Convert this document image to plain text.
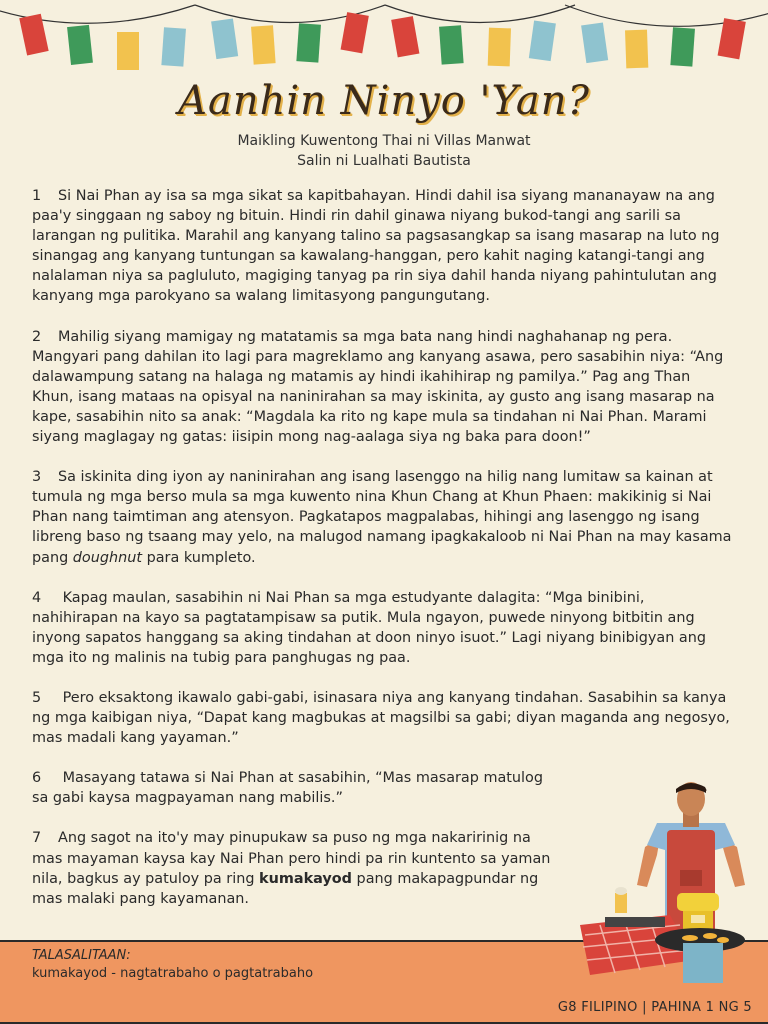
Aanhin Ninyo 'Yan?
Maikling Kuwentong Thai ni Villas Manwat
Salin ni Lualhati Bautista

1 Si Nai Phan ay isa sa mga sikat sa kapitbahayan. Hindi dahil isa siyang mananayaw na ang paa'y singgaan ng saboy ng bituin. Hindi rin dahil ginawa niyang bukod-tangi ang sarili sa larangan ng pulitika. Marahil ang kanyang talino sa pagsasangkap sa isang masarap na luto ng sinangag ang kanyang tuntungan sa kawalang-hanggan, pero kahit naging katangi-tangi ang nalalaman niya sa pagluluto, magiging tanyag pa rin siya dahil handa niyang pahintulutan ang kanyang mga parokyano sa walang limitasyong pangungutang.

2 Mahilig siyang mamigay ng matatamis sa mga bata nang hindi naghahanap ng pera. Mangyari pang dahilan ito lagi para magreklamo ang kanyang asawa, pero sasabihin niya: “Ang dalawampung satang na halaga ng matamis ay hindi ikahihirap ng pamilya.” Pag ang Than Khun, isang mataas na opisyal na naninirahan sa may iskinita, ay gusto ang isang masarap na kape, sasabihin nito sa anak: “Magdala ka rito ng kape mula sa tindahan ni Nai Phan. Marami siyang maglagay ng gatas: iisipin mong nag-aalaga siya ng baka para doon!”

3 Sa iskinita ding iyon ay naninirahan ang isang lasenggo na hilig nang lumitaw sa kainan at tumula ng mga berso mula sa mga kuwento nina Khun Chang at Khun Phaen: makikinig si Nai Phan nang taimtiman ang atensyon. Pagkatapos magpalabas, hihingi ang lasenggo ng isang libreng baso ng tsaang may yelo, na malugod namang ipagkakaloob ni Nai Phan na may kasama pang doughnut para kumpleto.

4 Kapag maulan, sasabihin ni Nai Phan sa mga estudyante dalagita: “Mga binibini, nahihirapan na kayo sa pagtatampisaw sa putik. Mula ngayon, puwede ninyong bitbitin ang inyong sapatos hanggang sa aking tindahan at doon ninyo isuot.” Lagi niyang binibigyan ang mga ito ng malinis na tubig para panghugas ng paa.

5 Pero eksaktong ikawalo gabi-gabi, isinasara niya ang kanyang tindahan. Sasabihin sa kanya ng mga kaibigan niya, “Dapat kang magbukas at magsilbi sa gabi; diyan maganda ang negosyo, mas madali kang yayaman.”

6 Masayang tatawa si Nai Phan at sasabihin, “Mas masarap matulog sa gabi kaysa magpayaman nang mabilis.”

7 Ang sagot na ito'y may pinupukaw sa puso ng mga nakaririnig na mas mayaman kaysa kay Nai Phan pero hindi pa rin kuntento sa yaman nila, bagkus ay patuloy pa ring kumakayod pang makapagpundar ng mas malaki pang kayamanan.

TALASALITAAN:
kumakayod - nagtatrabaho o pagtatrabaho
G8 FILIPINO | PAHINA 1 NG 5
